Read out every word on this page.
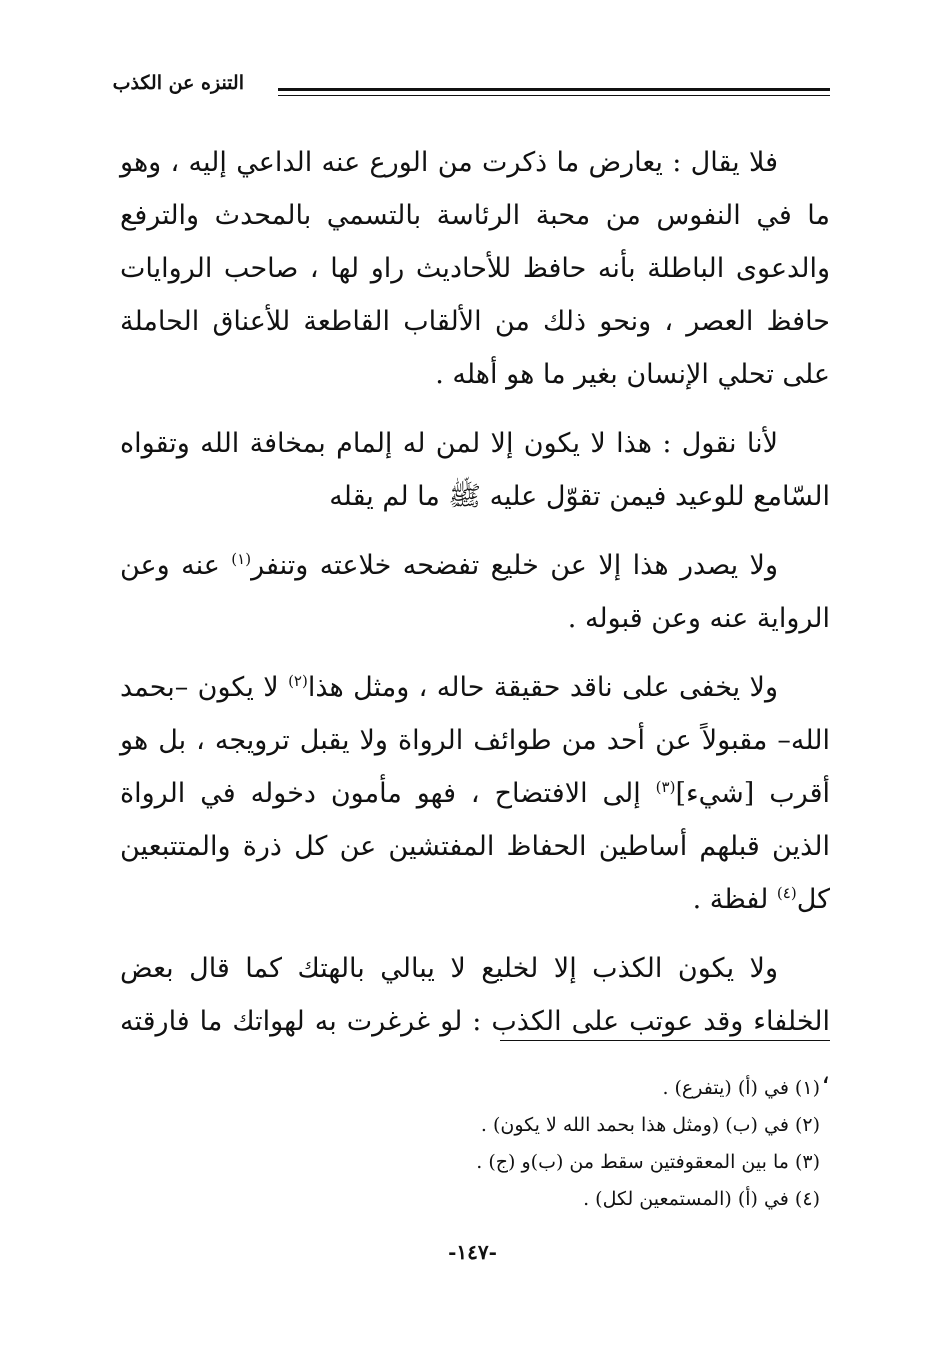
التنزه عن الكذب

فلا يقال : يعارض ما ذكرت من الورع عنه الداعي إليه ، وهو ما في النفوس من محبة الرئاسة بالتسمي بالمحدث والترفع والدعوى الباطلة بأنه حافظ للأحاديث راو لها ، صاحب الروايات حافظ العصر ، ونحو ذلك من الألقاب القاطعة للأعناق الحاملة على تحلي الإنسان بغير ما هو أهله .

لأنا نقول : هذا لا يكون إلا لمن له إلمام بمخافة الله وتقواه السّامع للوعيد فيمن تقوّل عليه ﷺ ما لم يقله

ولا يصدر هذا إلا عن خليع تفضحه خلاعته وتنفر$^{(١)}$ عنه وعن الرواية عنه وعن قبوله .

ولا يخفى على ناقد حقيقة حاله ، ومثل هذا$^{(٢)}$ لا يكون –بحمد الله– مقبولاً عن أحد من طوائف الرواة ولا يقبل ترويجه ، بل هو أقرب [شيء]$^{(٣)}$ إلى الافتضاح ، فهو مأمون دخوله في الرواة الذين قبلهم أساطين الحفاظ المفتشين عن كل ذرة والمتتبعين كل$^{(٤)}$ لفظة .

ولا يكون الكذب إلا لخليع لا يبالي بالهتك كما قال بعض الخلفاء وقد عوتب على الكذب : لو غرغرت به لهواتك ما فارقته ،

(١) في (أ) (يتفرع) .

(٢) في (ب) (ومثل هذا بحمد الله لا يكون) .

(٣) ما بين المعقوفتين سقط من (ب)و (ج) .

(٤) في (أ) (المستمعين لكل) .

-١٤٧-
